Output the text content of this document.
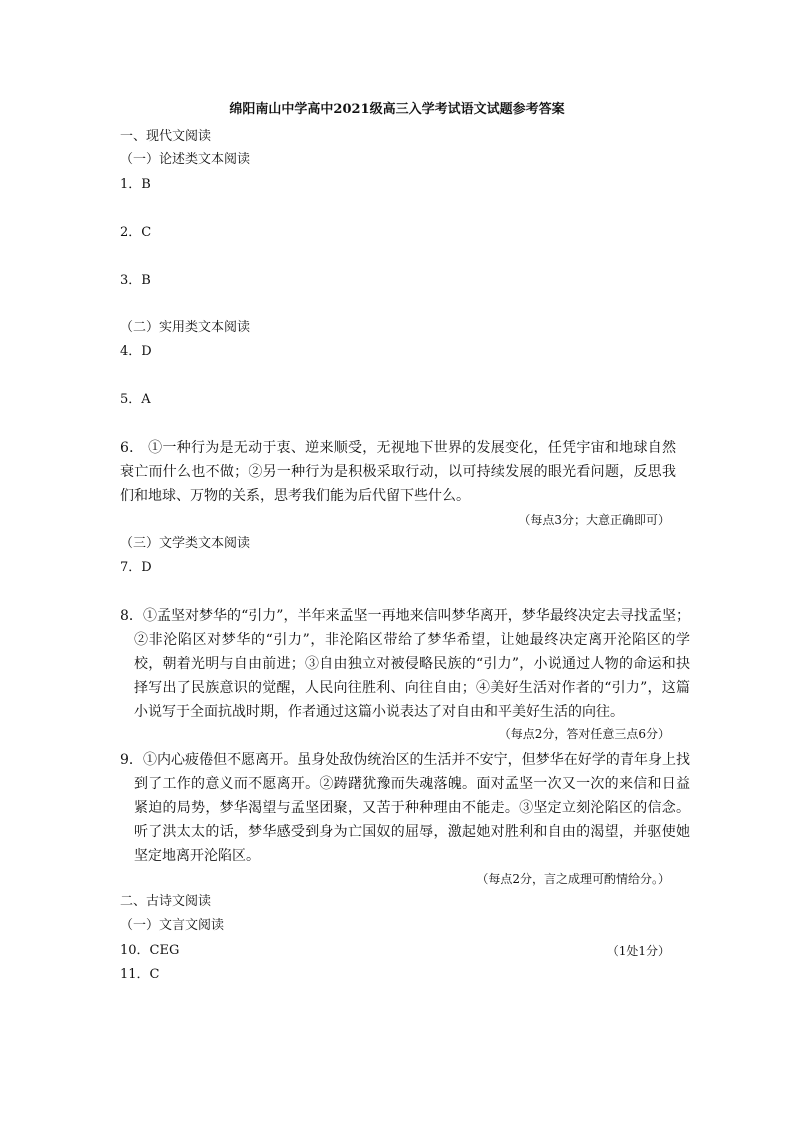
绵阳南山中学高中2021级高三入学考试语文试题参考答案
一、现代文阅读
（一）论述类文本阅读
1．B
2．C
3．B
（二）实用类文本阅读
4．D
5．A
6． ①一种行为是无动于衷、逆来顺受，无视地下世界的发展变化，任凭宇宙和地球自然衰亡而什么也不做；②另一种行为是积极采取行动，以可持续发展的眼光看问题，反思我们和地球、万物的关系，思考我们能为后代留下些什么。
（每点3分；大意正确即可）
（三）文学类文本阅读
7．D
8．①孟坚对梦华的“引力”，半年来孟坚一再地来信叫梦华离开，梦华最终决定去寻找孟坚；②非沦陷区对梦华的“引力”，非沦陷区带给了梦华希望，让她最终决定离开沦陷区的学校，朝着光明与自由前进；③自由独立对被侵略民族的“引力”，小说通过人物的命运和抉择写出了民族意识的觉醒，人民向往胜利、向往自由；④美好生活对作者的“引力”，这篇小说写于全面抗战时期，作者通过这篇小说表达了对自由和平美好生活的向往。
（每点2分，答对任意三点6分）
9．①内心疲倦但不愿离开。虽身处敌伪统治区的生活并不安宁，但梦华在好学的青年身上找到了工作的意义而不愿离开。②踌躇犹豫而失魂落魄。面对孟坚一次又一次的来信和日益紧迫的局势，梦华渴望与孟坚团聚，又苦于种种理由不能走。③坚定立刻沦陷区的信念。听了洪太太的话，梦华感受到身为亡国奴的屈辱，激起她对胜利和自由的渴望，并驱使她坚定地离开沦陷区。
（每点2分，言之成理可酌情给分。）
二、古诗文阅读
（一）文言文阅读
10．CEG	（1处1分）
11．C
